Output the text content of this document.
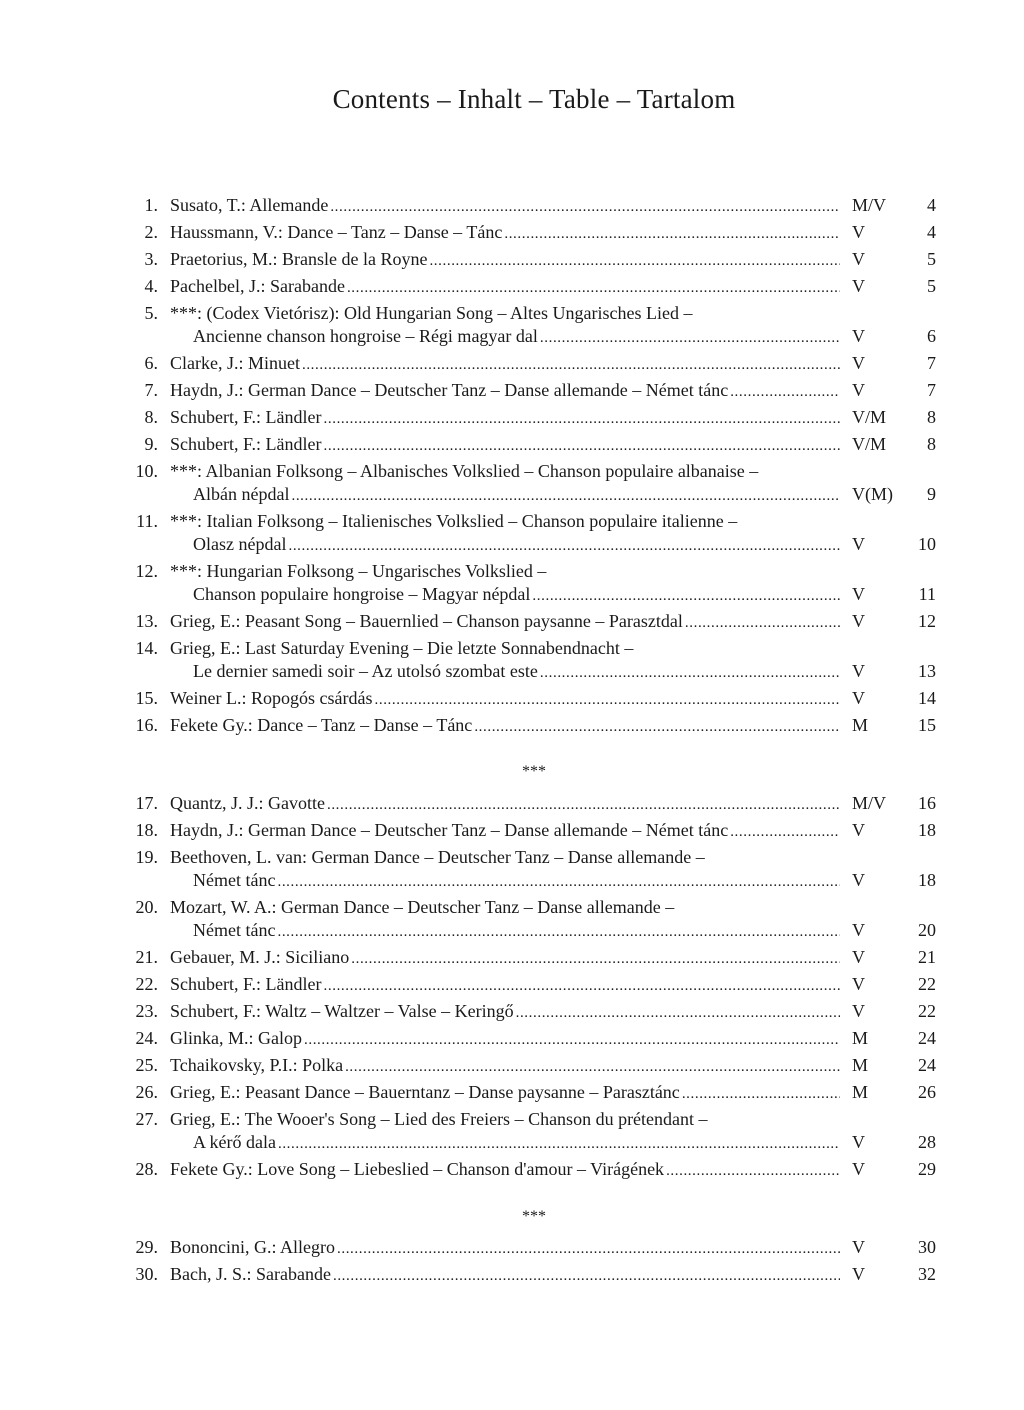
Contents – Inhalt – Table – Tartalom
1. Susato, T.: Allemande .....	M/V	4
2. Haussmann, V.: Dance – Tanz – Danse – Tánc .....	V	4
3. Praetorius, M.: Bransle de la Royne .....	V	5
4. Pachelbel, J.: Sarabande .....	V	5
5. ***: (Codex Vietórisz): Old Hungarian Song – Altes Ungarisches Lied –
Ancienne chanson hongroise – Régi magyar dal .....	V	6
6. Clarke, J.: Minuet .....	V	7
7. Haydn, J.: German Dance – Deutscher Tanz – Danse allemande – Német tánc .....	V	7
8. Schubert, F.: Ländler .....	V/M	8
9. Schubert, F.: Ländler .....	V/M	8
10. ***: Albanian Folksong – Albanisches Volkslied – Chanson populaire albanaise –
Albán népdal .....	V(M)	9
11. ***: Italian Folksong – Italienisches Volkslied – Chanson populaire italienne –
Olasz népdal .....	V	10
12. ***: Hungarian Folksong – Ungarisches Volkslied –
Chanson populaire hongroise – Magyar népdal .....	V	11
13. Grieg, E.: Peasant Song – Bauernlied – Chanson paysanne – Parasztdal .....	V	12
14. Grieg, E.: Last Saturday Evening – Die letzte Sonnabendnacht –
Le dernier samedi soir – Az utolsó szombat este .....	V	13
15. Weiner L.: Ropogós csárdás .....	V	14
16. Fekete Gy.: Dance – Tanz – Danse – Tánc .....	M	15
17. Quantz, J. J.: Gavotte .....	M/V	16
18. Haydn, J.: German Dance – Deutscher Tanz – Danse allemande – Német tánc .....	V	18
19. Beethoven, L. van: German Dance – Deutscher Tanz – Danse allemande –
Német tánc .....	V	18
20. Mozart, W. A.: German Dance – Deutscher Tanz – Danse allemande –
Német tánc .....	V	20
21. Gebauer, M. J.: Siciliano .....	V	21
22. Schubert, F.: Ländler .....	V	22
23. Schubert, F.: Waltz – Waltzer – Valse – Keringő .....	V	22
24. Glinka, M.: Galop .....	M	24
25. Tchaikovsky, P.I.: Polka .....	M	24
26. Grieg, E.: Peasant Dance – Bauerntanz – Danse paysanne – Parasztánc .....	M	26
27. Grieg, E.: The Wooer's Song – Lied des Freiers – Chanson du prétendant –
A kérő dala .....	V	28
28. Fekete Gy.: Love Song – Liebeslied – Chanson d'amour – Virágének .....	V	29
29. Bononcini, G.: Allegro .....	V	30
30. Bach, J. S.: Sarabande .....	V	32
***
***
